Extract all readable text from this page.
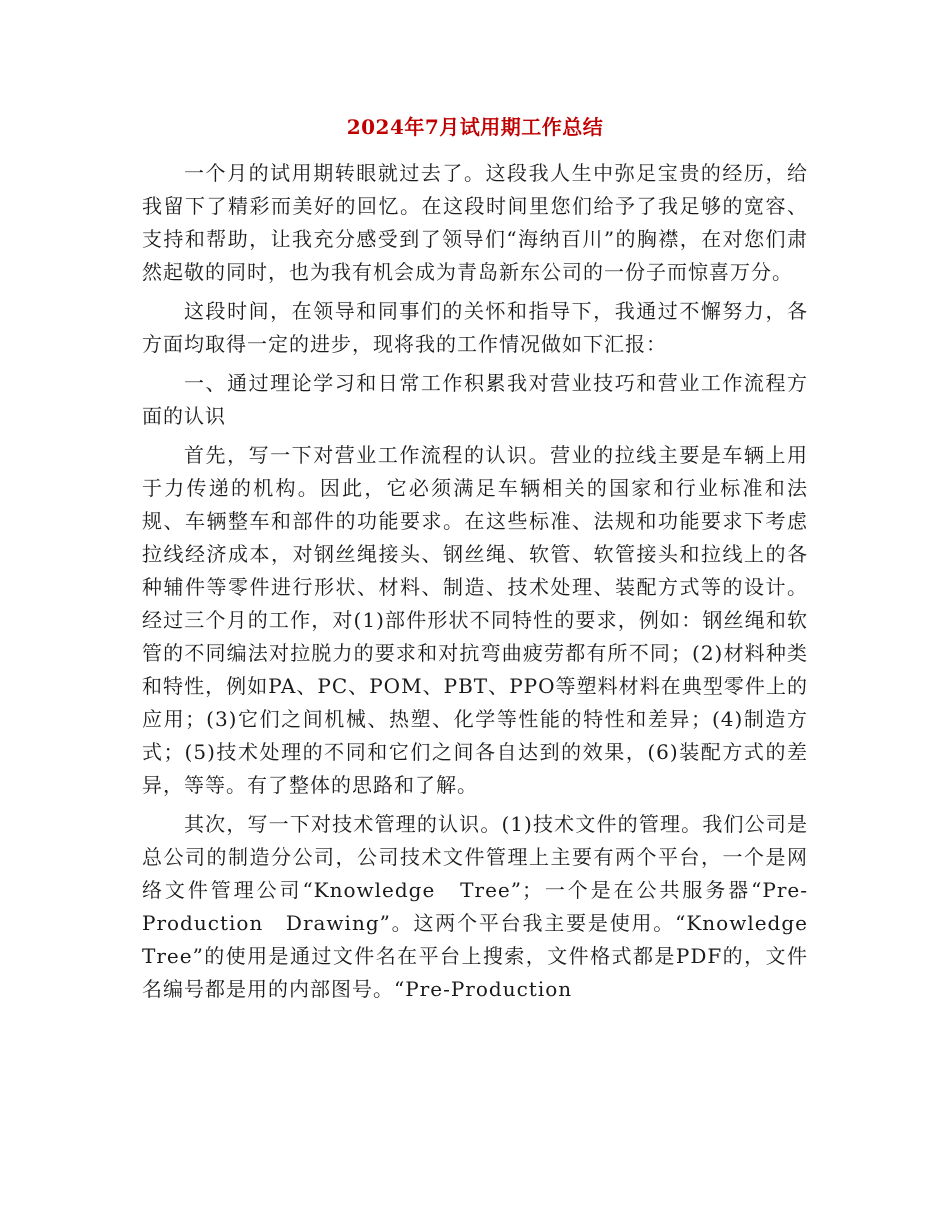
2024年7月试用期工作总结

一个月的试用期转眼就过去了。这段我人生中弥足宝贵的经历，给我留下了精彩而美好的回忆。在这段时间里您们给予了我足够的宽容、支持和帮助，让我充分感受到了领导们“海纳百川”的胸襟，在对您们肃然起敬的同时，也为我有机会成为青岛新东公司的一份子而惊喜万分。

这段时间，在领导和同事们的关怀和指导下，我通过不懈努力，各方面均取得一定的进步，现将我的工作情况做如下汇报：

一、通过理论学习和日常工作积累我对营业技巧和营业工作流程方面的认识

首先，写一下对营业工作流程的认识。营业的拉线主要是车辆上用于力传递的机构。因此，它必须满足车辆相关的国家和行业标准和法规、车辆整车和部件的功能要求。在这些标准、法规和功能要求下考虑拉线经济成本，对钢丝绳接头、钢丝绳、软管、软管接头和拉线上的各种辅件等零件进行形状、材料、制造、技术处理、装配方式等的设计。经过三个月的工作，对(1)部件形状不同特性的要求，例如：钢丝绳和软管的不同编法对拉脱力的要求和对抗弯曲疲劳都有所不同；(2)材料种类和特性，例如PA、PC、POM、PBT、PPO等塑料材料在典型零件上的应用；(3)它们之间机械、热塑、化学等性能的特性和差异；(4)制造方式；(5)技术处理的不同和它们之间各自达到的效果，(6)装配方式的差异，等等。有了整体的思路和了解。

其次，写一下对技术管理的认识。(1)技术文件的管理。我们公司是总公司的制造分公司，公司技术文件管理上主要有两个平台，一个是网络文件管理公司“Knowledge　Tree”；一个是在公共服务器“Pre-Production　Drawing”。这两个平台我主要是使用。“Knowledge　Tree”的使用是通过文件名在平台上搜索，文件格式都是PDF的，文件名编号都是用的内部图号。“Pre-Production
